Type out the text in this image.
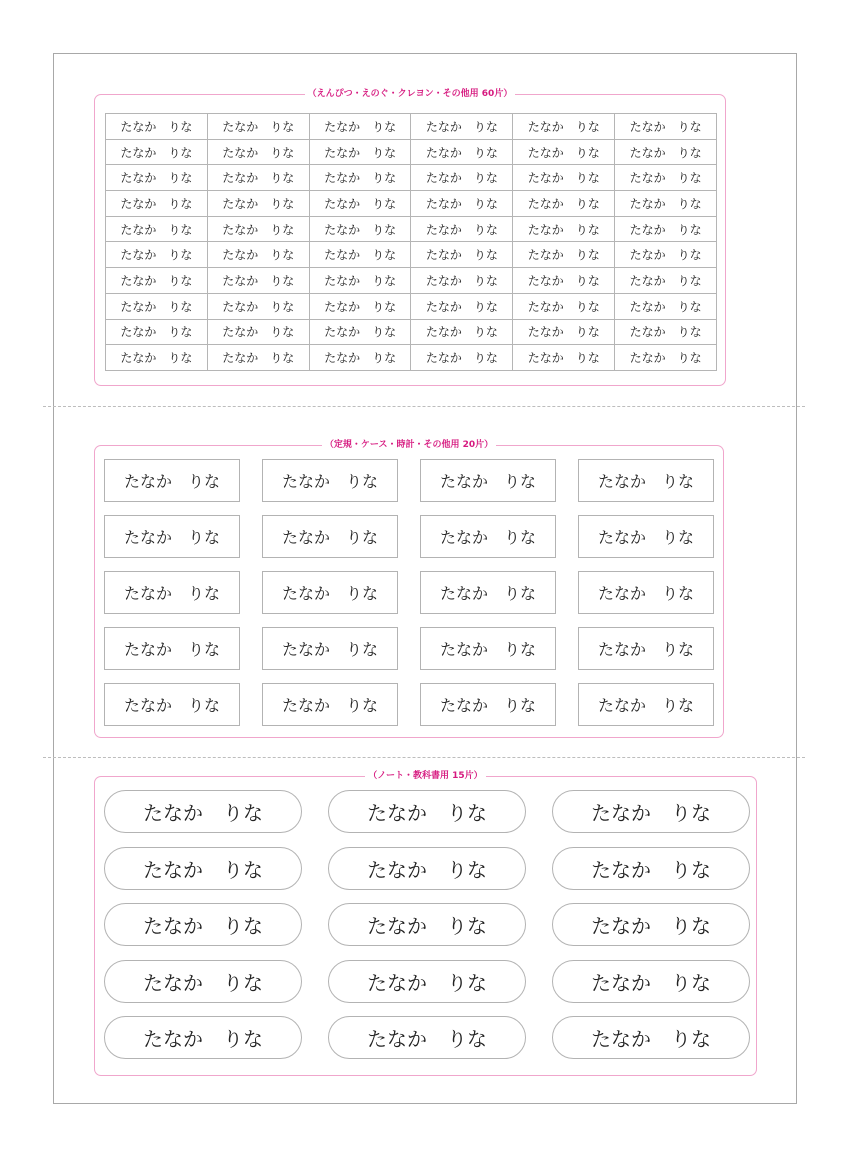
（えんぴつ・えのぐ・クレヨン・その他用 60片）
たなか　りな	たなか　りな	たなか　りな	たなか　りな	たなか　りな	たなか　りな
たなか　りな	たなか　りな	たなか　りな	たなか　りな	たなか　りな	たなか　りな
たなか　りな	たなか　りな	たなか　りな	たなか　りな	たなか　りな	たなか　りな
たなか　りな	たなか　りな	たなか　りな	たなか　りな	たなか　りな	たなか　りな
たなか　りな	たなか　りな	たなか　りな	たなか　りな	たなか　りな	たなか　りな
たなか　りな	たなか　りな	たなか　りな	たなか　りな	たなか　りな	たなか　りな
たなか　りな	たなか　りな	たなか　りな	たなか　りな	たなか　りな	たなか　りな
たなか　りな	たなか　りな	たなか　りな	たなか　りな	たなか　りな	たなか　りな
たなか　りな	たなか　りな	たなか　りな	たなか　りな	たなか　りな	たなか　りな
たなか　りな	たなか　りな	たなか　りな	たなか　りな	たなか　りな	たなか　りな
（定規・ケース・時計・その他用 20片）
たなか　りな	たなか　りな	たなか　りな	たなか　りな
たなか　りな	たなか　りな	たなか　りな	たなか　りな
たなか　りな	たなか　りな	たなか　りな	たなか　りな
たなか　りな	たなか　りな	たなか　りな	たなか　りな
たなか　りな	たなか　りな	たなか　りな	たなか　りな
（ノート・教科書用 15片）
たなか　りな	たなか　りな	たなか　りな
たなか　りな	たなか　りな	たなか　りな
たなか　りな	たなか　りな	たなか　りな
たなか　りな	たなか　りな	たなか　りな
たなか　りな	たなか　りな	たなか　りな
